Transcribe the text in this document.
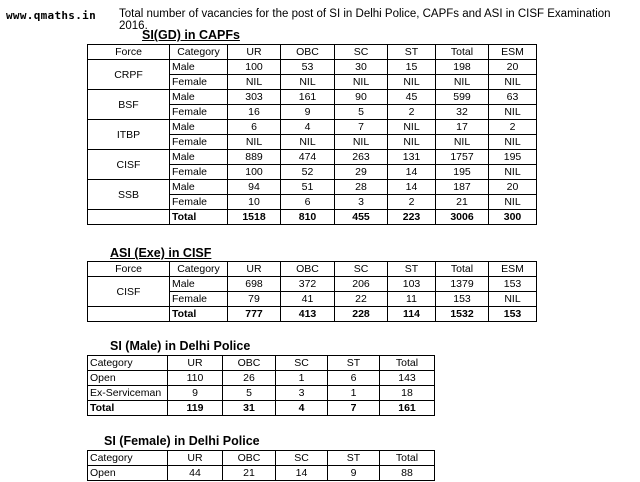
www.qmaths.in Total number of vacancies for the post of SI in Delhi Police, CAPFs and ASI in CISF Examination 2016.
SI(GD) in CAPFs
Force	Category	UR	OBC	SC	ST	Total	ESM
CRPF	Male	100	53	30	15	198	20
	Female	NIL	NIL	NIL	NIL	NIL	NIL
BSF	Male	303	161	90	45	599	63
	Female	16	9	5	2	32	NIL
ITBP	Male	6	4	7	NIL	17	2
	Female	NIL	NIL	NIL	NIL	NIL	NIL
CISF	Male	889	474	263	131	1757	195
	Female	100	52	29	14	195	NIL
SSB	Male	94	51	28	14	187	20
	Female	10	6	3	2	21	NIL
	Total	1518	810	455	223	3006	300
ASI (Exe) in CISF
Force	Category	UR	OBC	SC	ST	Total	ESM
CISF	Male	698	372	206	103	1379	153
	Female	79	41	22	11	153	NIL
	Total	777	413	228	114	1532	153
SI (Male) in Delhi Police
Category	UR	OBC	SC	ST	Total
Open	110	26	1	6	143
Ex-Serviceman	9	5	3	1	18
Total	119	31	4	7	161
SI (Female) in Delhi Police
Category	UR	OBC	SC	ST	Total
Open	44	21	14	9	88
